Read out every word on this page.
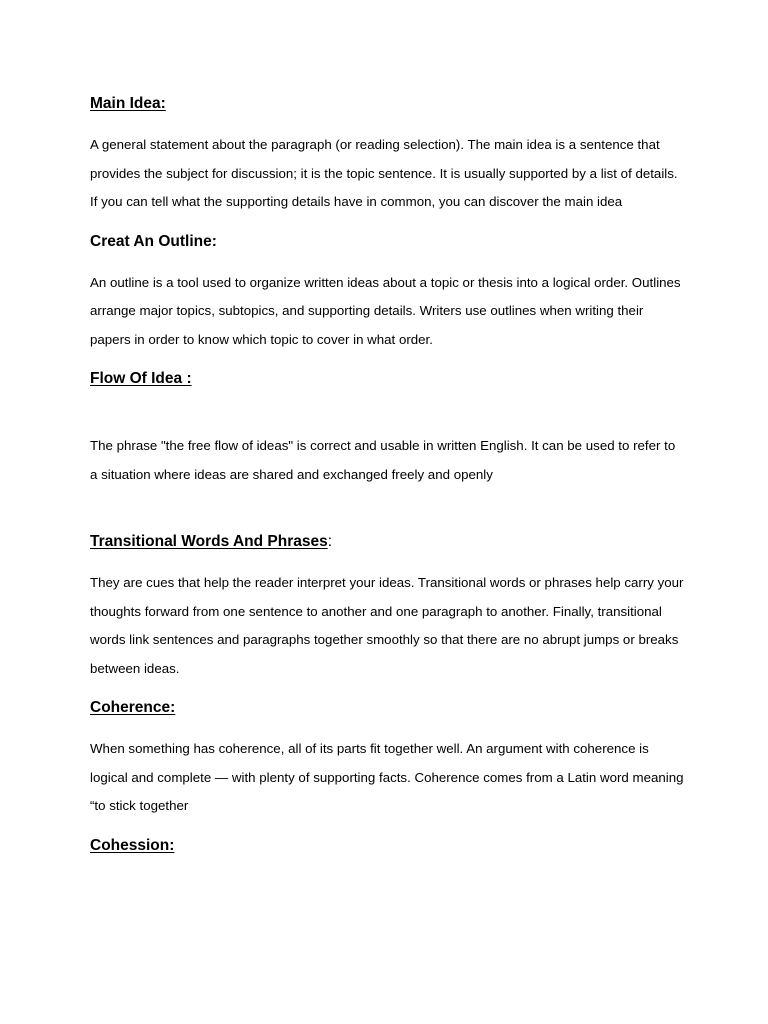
Main Idea:

A general statement about the paragraph (or reading selection). The main idea is a sentence that provides the subject for discussion; it is the topic sentence. It is usually supported by a list of details. If you can tell what the supporting details have in common, you can discover the main idea

Creat An Outline:

An outline is a tool used to organize written ideas about a topic or thesis into a logical order. Outlines arrange major topics, subtopics, and supporting details. Writers use outlines when writing their papers in order to know which topic to cover in what order.

Flow Of Idea :

The phrase "the free flow of ideas" is correct and usable in written English. It can be used to refer to a situation where ideas are shared and exchanged freely and openly

Transitional Words And Phrases:

They are cues that help the reader interpret your ideas. Transitional words or phrases help carry your thoughts forward from one sentence to another and one paragraph to another. Finally, transitional words link sentences and paragraphs together smoothly so that there are no abrupt jumps or breaks between ideas.

Coherence:

When something has coherence, all of its parts fit together well. An argument with coherence is logical and complete — with plenty of supporting facts. Coherence comes from a Latin word meaning “to stick together

Cohession:
